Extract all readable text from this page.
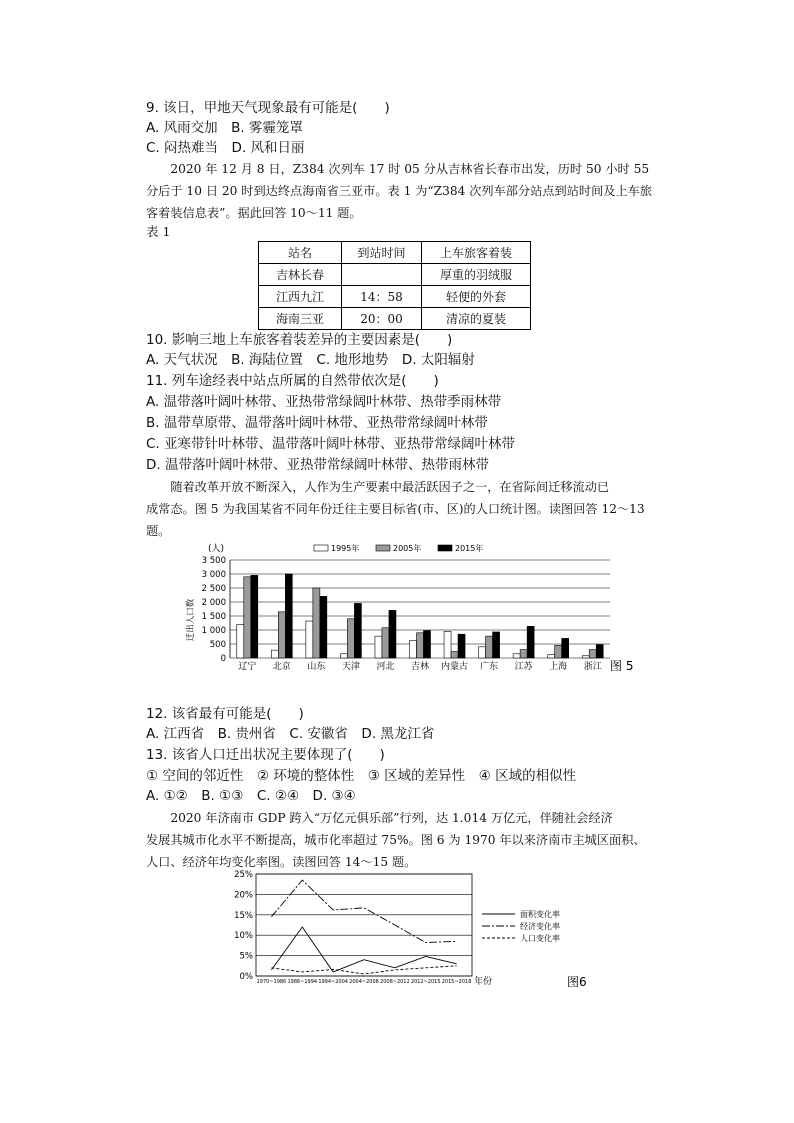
9. 该日，甲地天气现象最有可能是(　　)
A. 风雨交加　B. 雾霾笼罩
C. 闷热难当　D. 风和日丽
　　2020 年 12 月 8 日，Z384 次列车 17 时 05 分从吉林省长春市出发，历时 50 小时 55
分后于 10 日 20 时到达终点海南省三亚市。表 1 为“Z384 次列车部分站点到站时间及上车旅
客着装信息表”。据此回答 10～11 题。
表 1
站名	到站时间	上车旅客着装
吉林长春		厚重的羽绒服
江西九江	14：58	轻便的外套
海南三亚	20：00	清凉的夏装
10. 影响三地上车旅客着装差异的主要因素是(　　)
A. 天气状况　B. 海陆位置　C. 地形地势　D. 太阳辐射
11. 列车途经表中站点所属的自然带依次是(　　)
A. 温带落叶阔叶林带、亚热带常绿阔叶林带、热带季雨林带
B. 温带草原带、温带落叶阔叶林带、亚热带常绿阔叶林带
C. 亚寒带针叶林带、温带落叶阔叶林带、亚热带常绿阔叶林带
D. 温带落叶阔叶林带、亚热带常绿阔叶林带、热带雨林带
　　随着改革开放不断深入，人作为生产要素中最活跃因子之一，在省际间迁移流动已
成常态。图 5 为我国某省不同年份迁往主要目标省(市、区)的人口统计图。读图回答 12～13
题。
(人)
迁出人口数
图 5
0
500
1 000
1 500
2 000
2 500
3 000
3 500
1995年	2005年	2015年
辽宁 北京 山东 天津 河北 吉林 内蒙古 广东 江苏 上海 浙江
12. 该省最有可能是(　　)
A. 江西省　B. 贵州省　C. 安徽省　D. 黑龙江省
13. 该省人口迁出状况主要体现了(　　)
① 空间的邻近性　② 环境的整体性　③ 区域的差异性　④ 区域的相似性
A. ①②　B. ①③　C. ②④　D. ③④
　　2020 年济南市 GDP 跨入“万亿元俱乐部”行列，达 1.014 万亿元，伴随社会经济
发展其城市化水平不断提高，城市化率超过 75%。图 6 为 1970 年以来济南市主城区面积、
人口、经济年均变化率图。读图回答 14～15 题。
年份	图6
0%
5%
10%
15%
20%
25%
1970~1986 1986~1994 1994~2004 2004~2008 2008~2012 2012~2015 2015~2018
面积变化率
经济变化率
人口变化率
